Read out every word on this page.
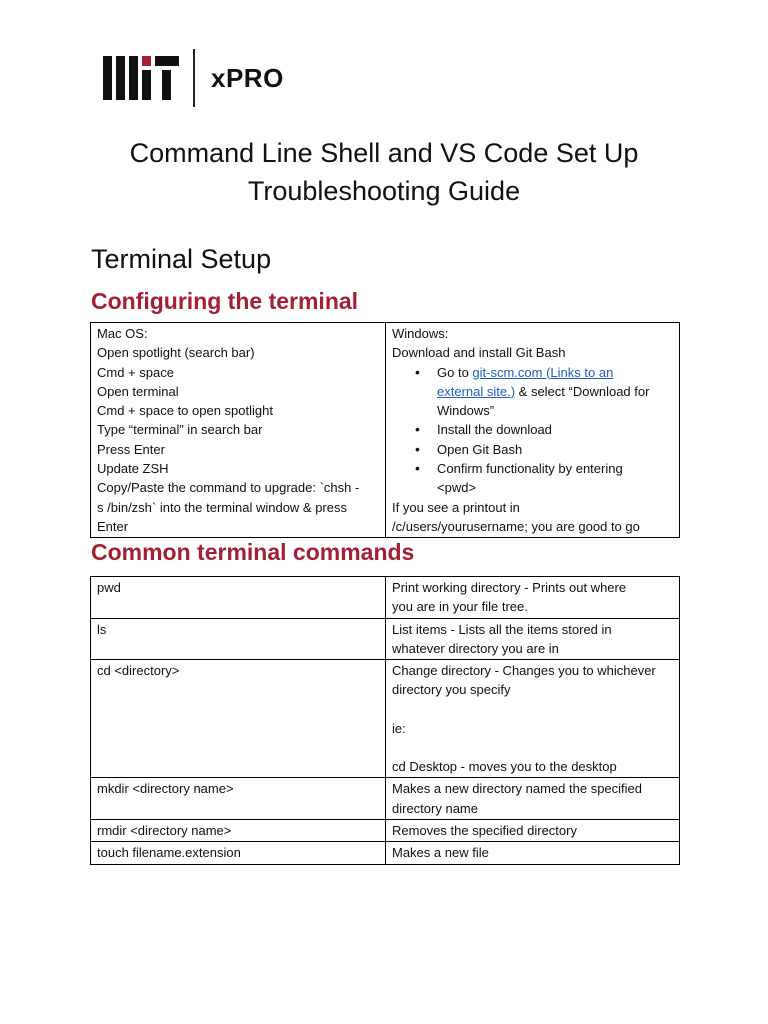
xPRO
Command Line Shell and VS Code Set Up
Troubleshooting Guide
Terminal Setup
Configuring the terminal
Mac OS:
Open spotlight (search bar)
Cmd + space
Open terminal
Cmd + space to open spotlight
Type “terminal” in search bar
Press Enter
Update ZSH
Copy/Paste the command to upgrade: `chsh -
s /bin/zsh` into the terminal window & press
Enter

Windows:
Download and install Git Bash
• Go to git-scm.com (Links to an
external site.) & select “Download for
Windows”
• Install the download
• Open Git Bash
• Confirm functionality by entering
<pwd>
If you see a printout in
/c/users/yourusername; you are good to go
Common terminal commands
pwd	Print working directory - Prints out where
you are in your file tree.

ls	List items - Lists all the items stored in
whatever directory you are in

cd <directory>	Change directory - Changes you to whichever
directory you specify
ie:
cd Desktop - moves you to the desktop

mkdir <directory name>	Makes a new directory named the specified
directory name

rmdir <directory name>	Removes the specified directory

touch filename.extension	Makes a new file
